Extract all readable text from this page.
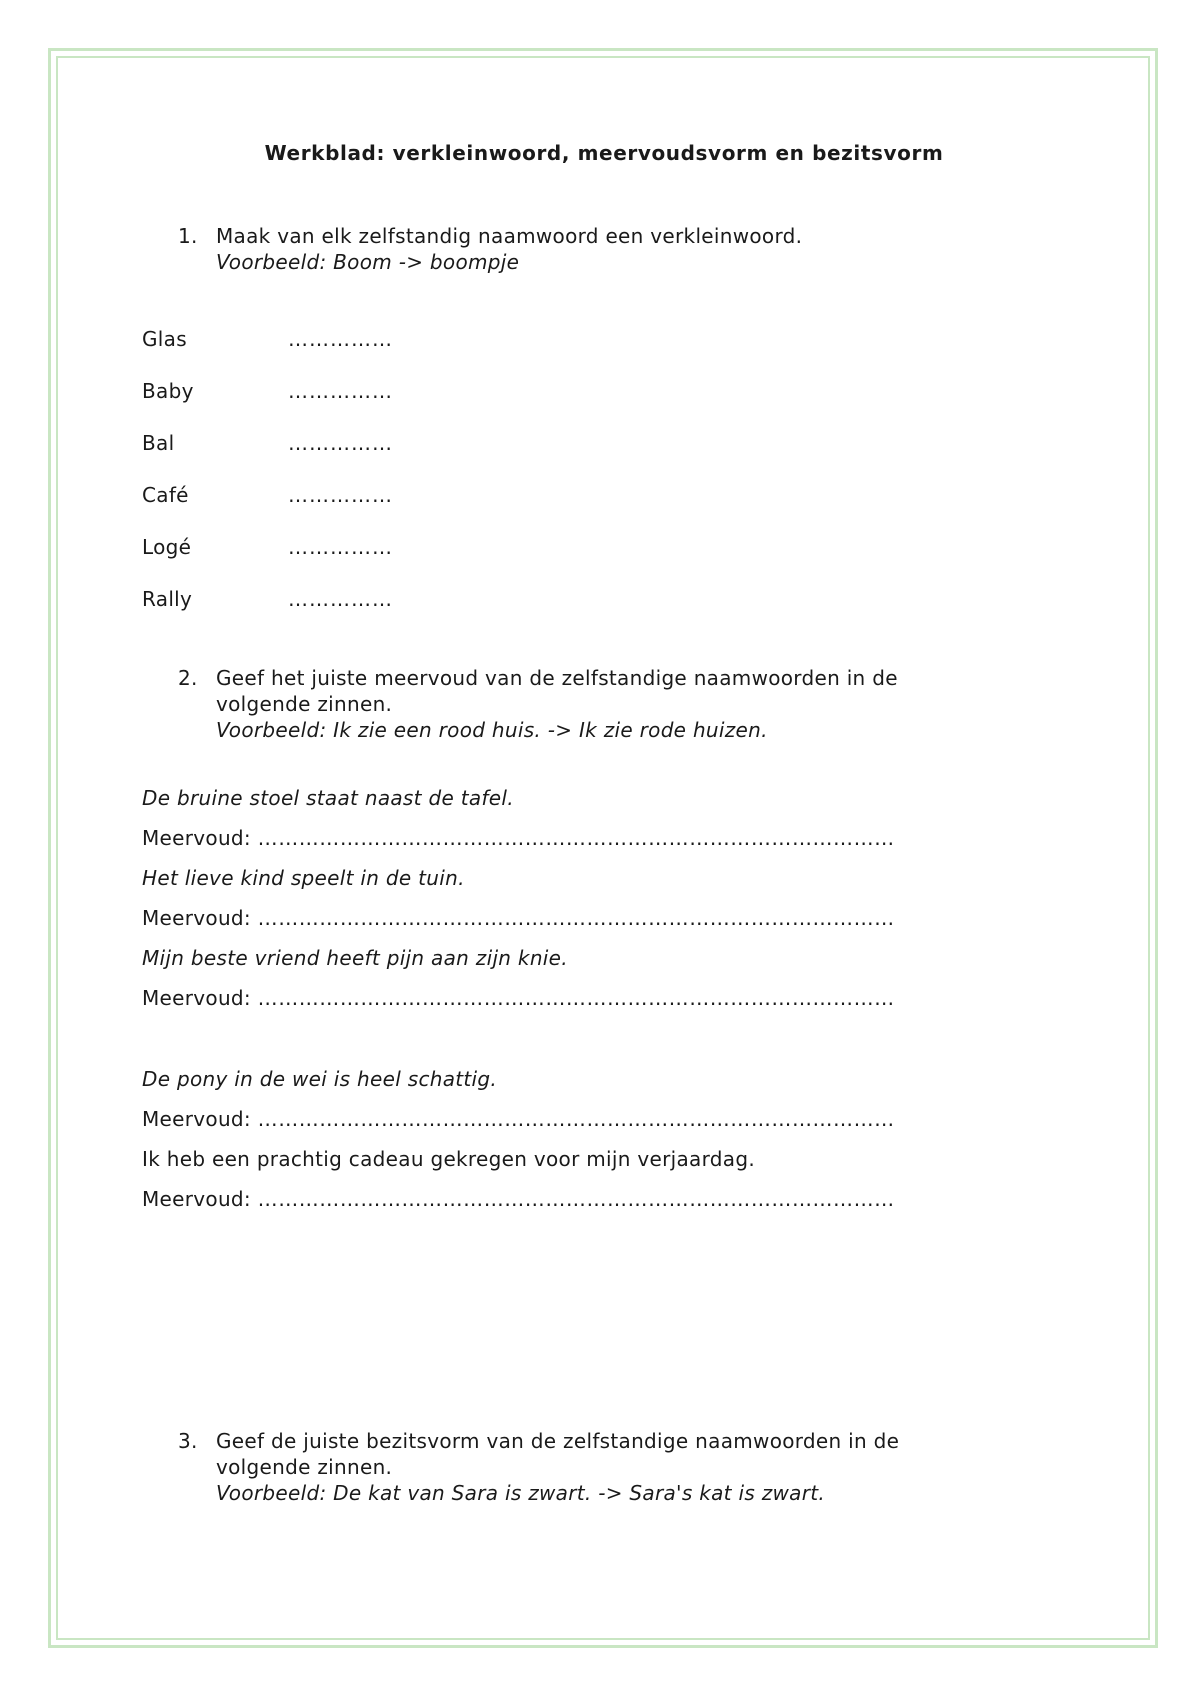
Werkblad: verkleinwoord, meervoudsvorm en bezitsvorm
1. Maak van elk zelfstandig naamwoord een verkleinwoord.
Voorbeeld: Boom -> boompje
Glas	……………
Baby	……………
Bal	……………
Café	……………
Logé	……………
Rally	……………
2. Geef het juiste meervoud van de zelfstandige naamwoorden in de
volgende zinnen.
Voorbeeld: Ik zie een rood huis. -> Ik zie rode huizen.
De bruine stoel staat naast de tafel.
Meervoud: …………………………………………………………………………………
Het lieve kind speelt in de tuin.
Meervoud: …………………………………………………………………………………
Mijn beste vriend heeft pijn aan zijn knie.
Meervoud: …………………………………………………………………………………
De pony in de wei is heel schattig.
Meervoud: …………………………………………………………………………………
Ik heb een prachtig cadeau gekregen voor mijn verjaardag.
Meervoud: …………………………………………………………………………………
3. Geef de juiste bezitsvorm van de zelfstandige naamwoorden in de
volgende zinnen.
Voorbeeld: De kat van Sara is zwart. -> Sara's kat is zwart.
